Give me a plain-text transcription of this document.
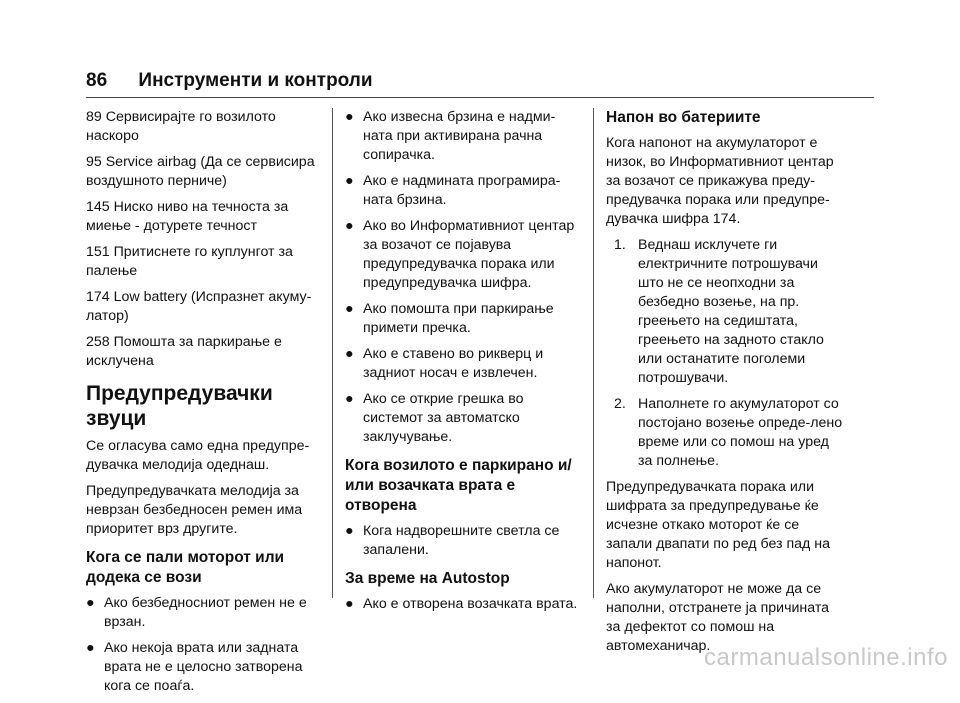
86 Инструменти и контроли

89 Сервисирајте го возилото наскоро

95 Service airbag (Да се сервисира воздушното перниче)

145 Ниско ниво на течноста за миење - дотурете течност

151 Притиснете го куплунгот за палење

174 Low battery (Испразнет акуму-латор)

258 Помошта за паркирање е исклучена

Предупредувачки звуци

Се огласува само една предупре-дувачка мелодија одеднаш.

Предупредувачката мелодија за неврзан безбедносен ремен има приоритет врз другите.

Кога се пали моторот или додека се вози
● Ако безбедносниот ремен не е врзан.
● Ако некоја врата или задната врата не е целосно затворена кога се поаѓа.
● Ако извесна брзина е надми-ната при активирана рачна сопирачка.
● Ако е надмината програмира-ната брзина.
● Ако во Информативниот центар за возачот се појавува предупредувачка порака или предупредувачка шифра.
● Ако помошта при паркирање примети пречка.
● Ако е ставено во рикверц и задниот носач е извлечен.
● Ако се открие грешка во системот за автоматско заклучување.
Кога возилото е паркирано и/или возачката врата е отворена
● Кога надворешните светла се запалени.
За време на Autostop
● Ако е отворена возачката врата.
Напон во батериите

Кога напонот на акумулаторот е низок, во Информативниот центар за возачот се прикажува преду-предувачка порака или предупре-дувачка шифра 174.

1. Веднаш исклучете ги електричните потрошувачи што не се неопходни за безбедно возење, на пр. греењето на седиштата, греењето на задното стакло или останатите поголеми потрошувачи.
2. Наполнете го акумулаторот со постојано возење опреде-лено време или со помош на уред за полнење.

Предупредувачката порака или шифрата за предупредување ќе исчезне откако моторот ќе се запали двапати по ред без пад на напонот.

Ако акумулаторот не може да се наполни, отстранете ја причината за дефектот со помош на автомеханичар.

carmanualsonline.info
